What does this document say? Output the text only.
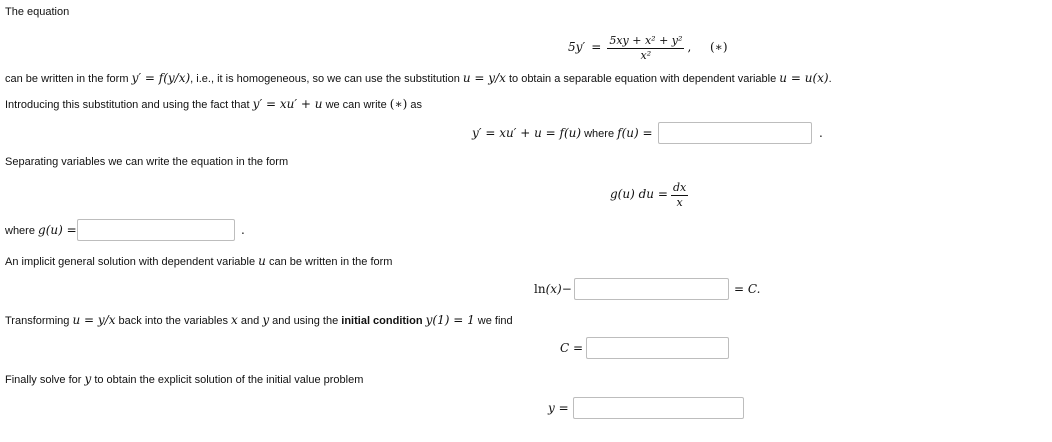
The equation
$5y' = \frac{\text{5xy + x² + y²}}{\text{x²}}$ , (∗)
can be written in the form y′ = f(y/x), i.e., it is homogeneous, so we can use the substitution u = y/x to obtain a separable equation with dependent variable u = u(x).
Introducing this substitution and using the fact that y′ = xu′ + u we can write (∗) as
y′ = xu′ + u = f(u) where f(u) =	.
Separating variables we can write the equation in the form
g(u) du = $\frac{dx}{x}$
where g(u) =	.
An implicit general solution with dependent variable u can be written in the form
ln(x)−	= C.
Transforming u = y/x back into the variables x and y and using the initial condition y(1) = 1 we find
C =
Finally solve for y to obtain the explicit solution of the initial value problem
y =
